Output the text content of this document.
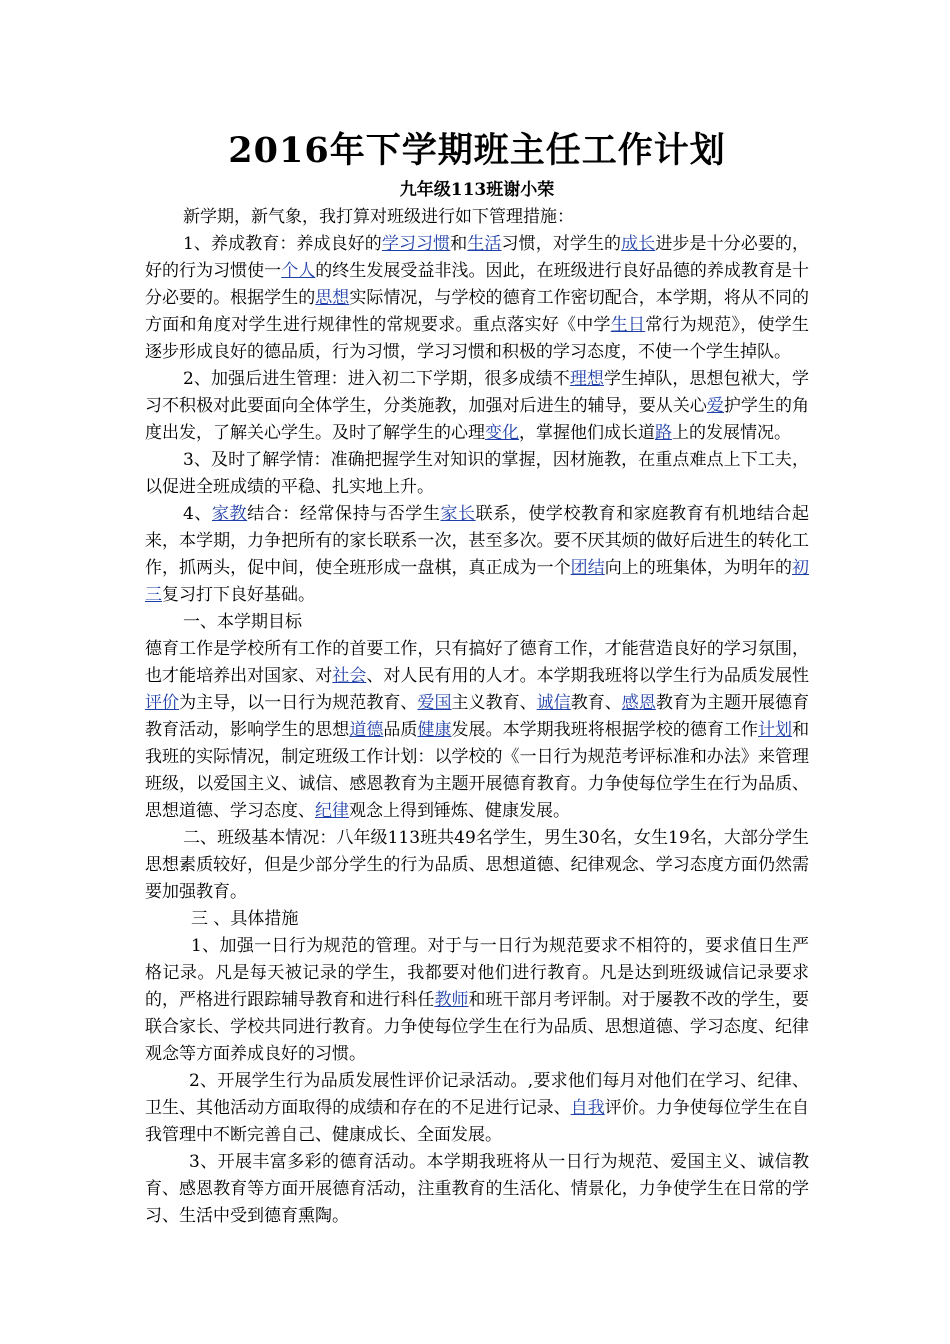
2016年下学期班主任工作计划
九年级113班谢小荣

新学期，新气象，我打算对班级进行如下管理措施：

1、养成教育：养成良好的学习习惯和生活习惯，对学生的成长进步是十分必要的，好的行为习惯使一个人的终生发展受益非浅。因此，在班级进行良好品德的养成教育是十分必要的。根据学生的思想实际情况，与学校的德育工作密切配合，本学期，将从不同的方面和角度对学生进行规律性的常规要求。重点落实好《中学生日常行为规范》，使学生逐步形成良好的德品质，行为习惯，学习习惯和积极的学习态度，不使一个学生掉队。

2、加强后进生管理：进入初二下学期，很多成绩不理想学生掉队，思想包袱大，学习不积极对此要面向全体学生，分类施教，加强对后进生的辅导，要从关心爱护学生的角度出发，了解关心学生。及时了解学生的心理变化，掌握他们成长道路上的发展情况。

3、及时了解学情：准确把握学生对知识的掌握，因材施教，在重点难点上下工夫，以促进全班成绩的平稳、扎实地上升。

4、家教结合：经常保持与否学生家长联系，使学校教育和家庭教育有机地结合起来，本学期，力争把所有的家长联系一次，甚至多次。要不厌其烦的做好后进生的转化工作，抓两头，促中间，使全班形成一盘棋，真正成为一个团结向上的班集体，为明年的初三复习打下良好基础。

一、本学期目标

德育工作是学校所有工作的首要工作，只有搞好了德育工作，才能营造良好的学习氛围，也才能培养出对国家、对社会、对人民有用的人才。本学期我班将以学生行为品质发展性评价为主导，以一日行为规范教育、爱国主义教育、诚信教育、感恩教育为主题开展德育教育活动，影响学生的思想道德品质健康发展。本学期我班将根据学校的德育工作计划和我班的实际情况，制定班级工作计划：以学校的《一日行为规范考评标准和办法》来管理班级，以爱国主义、诚信、感恩教育为主题开展德育教育。力争使每位学生在行为品质、思想道德、学习态度、纪律观念上得到锤炼、健康发展。

二、班级基本情况：八年级113班共49名学生，男生30名，女生19名，大部分学生思想素质较好，但是少部分学生的行为品质、思想道德、纪律观念、学习态度方面仍然需要加强教育。

三 、具体措施

1、加强一日行为规范的管理。对于与一日行为规范要求不相符的，要求值日生严格记录。凡是每天被记录的学生，我都要对他们进行教育。凡是达到班级诚信记录要求的，严格进行跟踪辅导教育和进行科任教师和班干部月考评制。对于屡教不改的学生，要联合家长、学校共同进行教育。力争使每位学生在行为品质、思想道德、学习态度、纪律观念等方面养成良好的习惯。

2、开展学生行为品质发展性评价记录活动。,要求他们每月对他们在学习、纪律、卫生、其他活动方面取得的成绩和存在的不足进行记录、自我评价。力争使每位学生在自我管理中不断完善自己、健康成长、全面发展。

3、开展丰富多彩的德育活动。本学期我班将从一日行为规范、爱国主义、诚信教育、感恩教育等方面开展德育活动，注重教育的生活化、情景化，力争使学生在日常的学习、生活中受到德育熏陶。
